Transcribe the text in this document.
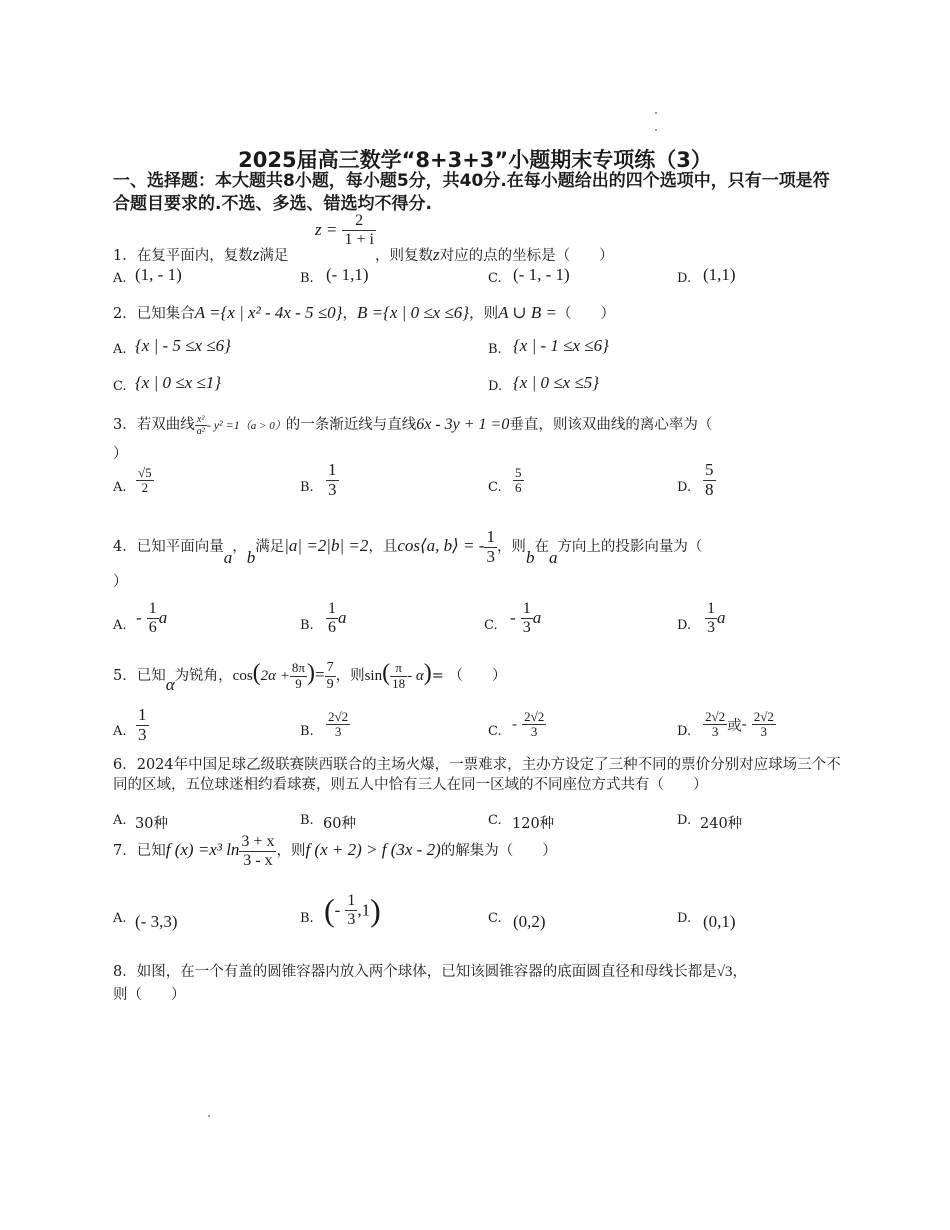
2025届高三数学“8+3+3”小题期末专项练（3）
一、选择题：本大题共8小题，每小题5分，共40分.在每小题给出的四个选项中，只有一项是符合题目要求的.不选、多选、错选均不得分.
1．在复平面内，复数z满足
$z = \frac{2}{1 + i}$
，则复数z对应的点的坐标是（　　）
A. (1, - 1)	B. (- 1,1)	C. (- 1, - 1)	D. (1,1)
2．已知集合A ={x | x² - 4x - 5 ≤0}，B ={x | 0 ≤x ≤6}，则A ∪ B =（　　）
A. {x | - 5 ≤x ≤6}	B. {x | - 1 ≤x ≤6}
C. {x | 0 ≤x ≤1}	D. {x | 0 ≤x ≤5}
3．若双曲线 $\frac{\text{x²}}{\text{a²}} - y^2 =1(a > 0)$的一条渐近线与直线6x - 3y + 1 =0垂直，则该双曲线的离心率为（
）
A. $\frac{√5}{2}$	B. $\frac{1}{3}$	C. $\frac{5}{6}$	D. $\frac{5}{8}$
4．已知平面向量a，b满足|a| =2|b| =2，且cos⟨a, b⟩ = - $\frac{1}{3}$ ，则b在a方向上的投影向量为（
）
A. - $\frac{1}{6}$ a	B. $\frac{1}{6}$ a	C. - $\frac{1}{3}$ a	D. $\frac{1}{3}$ a
5．已知α为锐角，$\cos(2\alpha + \frac{8\pi}{9}$ )= $\frac{7}{9}$ ，则$\sin( \frac{\pi}{18} - \alpha)=$ （　　）
A. $\frac{1}{3}$	B. $\frac{2√2}{3}$	C. - $\frac{2√2}{3}$	D. $\frac{2√2}{3}$ 或- $\frac{2√2}{3}$
6．2024年中国足球乙级联赛陕西联合的主场火爆，一票难求，主办方设定了三种不同的票价分别对应球场三个不同的区域，五位球迷相约看球赛，则五人中恰有三人在同一区域的不同座位方式共有（　　）
A. 30种	B. 60种	C. 120种	D. 240种
7．已知f (x) =x³ $\ln \frac{3 + x}{3 - x}$ ，则f (x + 2) > f (3x - 2)的解集为（　　）
A. (- 3,3)	B. (- $\frac{1}{3} ,1$)	C. (0,2)	D. (0,1)
8．如图，在一个有盖的圆锥容器内放入两个球体，已知该圆锥容器的底面圆直径和母线长都是√3，
则（　　）
